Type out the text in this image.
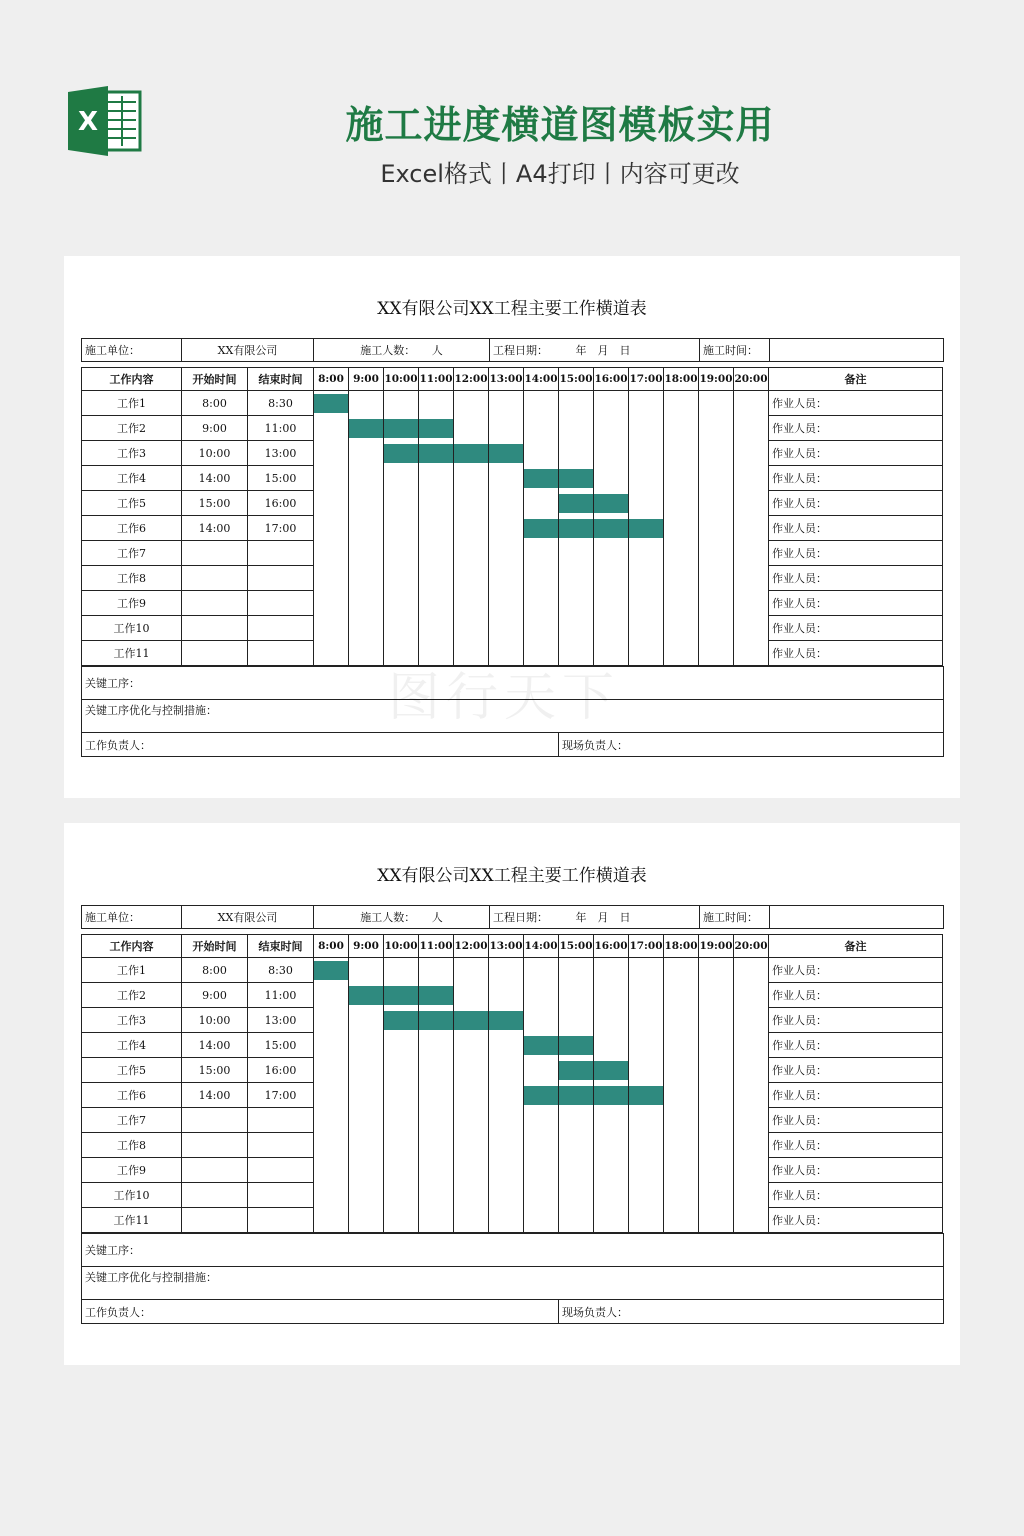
X	施工进度横道图模板实用
Excel格式丨A4打印丨内容可更改
XX有限公司XX工程主要工作横道表
施工单位：	XX有限公司	施工人数：　　人	工程日期：　　　年　月　日	施工时间：	
工作内容	开始时间	结束时间	8:00	9:00	10:00	11:00	12:00	13:00	14:00	15:00	16:00	17:00	18:00	19:00	20:00	备注
工作1	8:00	8:30														作业人员：
工作2	9:00	11:00														作业人员：
工作3	10:00	13:00														作业人员：
工作4	14:00	15:00														作业人员：
工作5	15:00	16:00														作业人员：
工作6	14:00	17:00														作业人员：
工作7																作业人员：
工作8																作业人员：
工作9																作业人员：
工作10																作业人员：
工作11																作业人员：
关键工序：
关键工序优化与控制措施：
工作负责人：	现场负责人：
XX有限公司XX工程主要工作横道表
施工单位：	XX有限公司	施工人数：　　人	工程日期：　　　年　月　日	施工时间：	
工作内容	开始时间	结束时间	8:00	9:00	10:00	11:00	12:00	13:00	14:00	15:00	16:00	17:00	18:00	19:00	20:00	备注
工作1	8:00	8:30														作业人员：
工作2	9:00	11:00														作业人员：
工作3	10:00	13:00														作业人员：
工作4	14:00	15:00														作业人员：
工作5	15:00	16:00														作业人员：
工作6	14:00	17:00														作业人员：
工作7																作业人员：
工作8																作业人员：
工作9																作业人员：
工作10																作业人员：
工作11																作业人员：
关键工序：
关键工序优化与控制措施：
工作负责人：	现场负责人：
